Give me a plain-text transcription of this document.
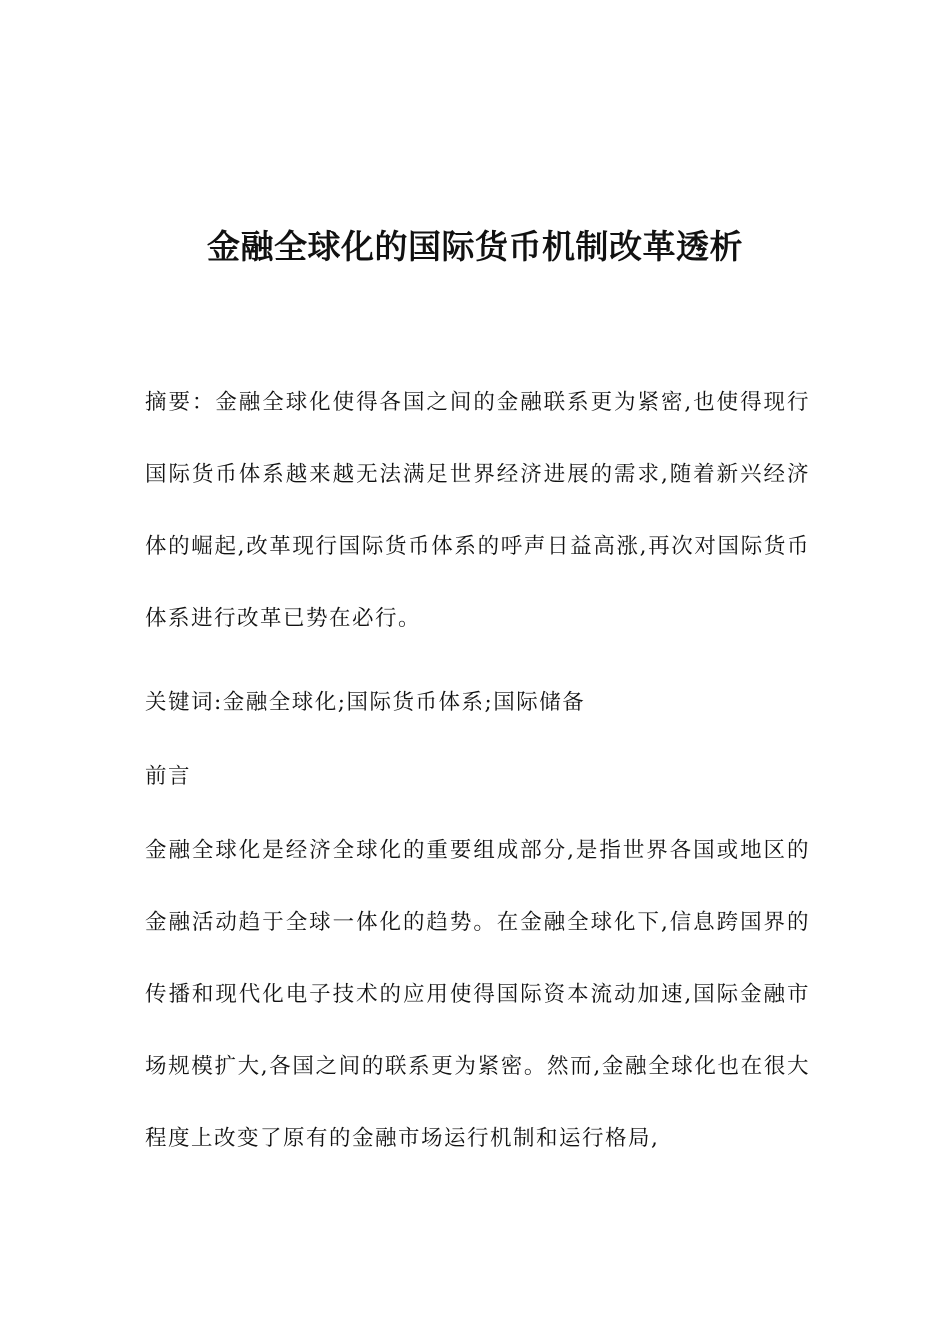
金融全球化的国际货币机制改革透析

摘要：金融全球化使得各国之间的金融联系更为紧密,也使得现行国际货币体系越来越无法满足世界经济进展的需求,随着新兴经济体的崛起,改革现行国际货币体系的呼声日益高涨,再次对国际货币体系进行改革已势在必行。

关键词:金融全球化;国际货币体系;国际储备

前言

金融全球化是经济全球化的重要组成部分,是指世界各国或地区的金融活动趋于全球一体化的趋势。在金融全球化下,信息跨国界的传播和现代化电子技术的应用使得国际资本流动加速,国际金融市场规模扩大,各国之间的联系更为紧密。然而,金融全球化也在很大程度上改变了原有的金融市场运行机制和运行格局,
